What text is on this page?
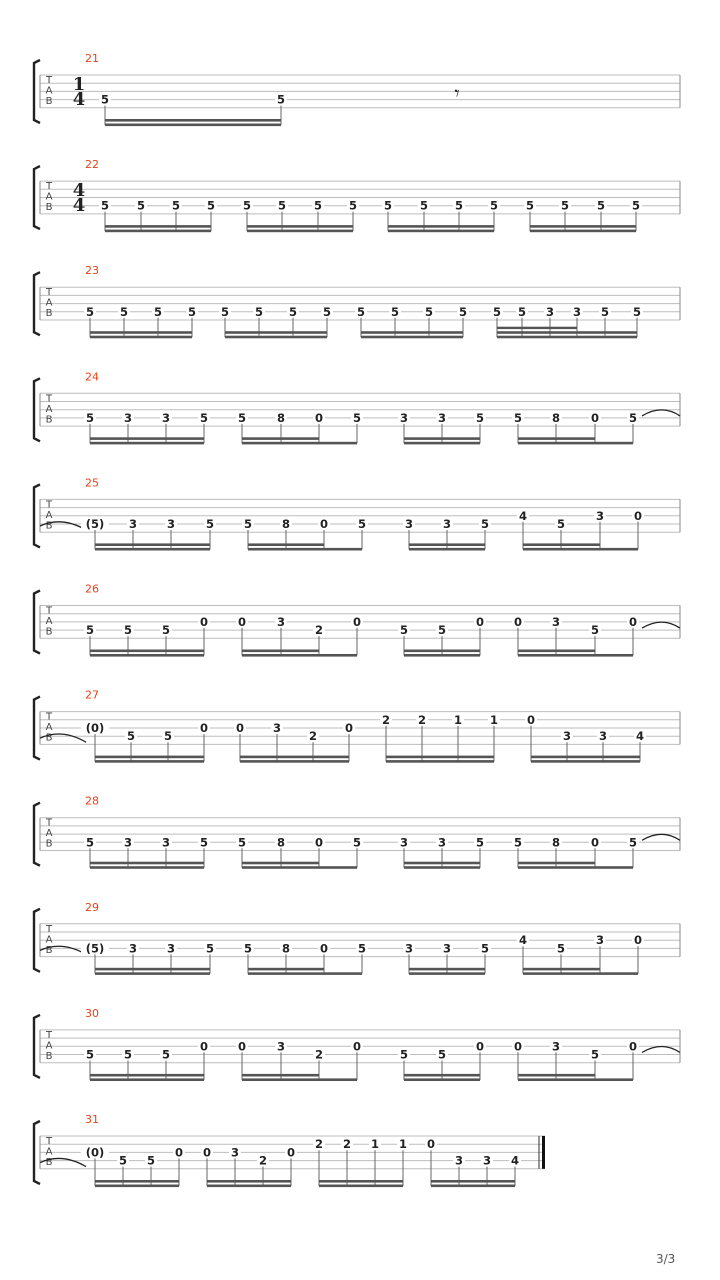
T
A
B
21
1
4	𝄾
5	5
T
A
B
22
4
4 5 5 5 5 5 5 5 5 5 5 5 5 5 5 5 5
T
A
B
23
5 5 5 5 5 5 5 5 5 5 5 5 5 5 3 3 5 5
T
A
B
24
5	3	3	5	5	8	0	5	3	3	5	5	8	0	5
T
A
B
25
(5) 3	3	5	5	8	0	5	3	3	5
4
5
3	0
T
A
B
26
5	5	5
0	0	3
2
0
5	5
0	0	3
5
0
T
A
B
27
(0)
5	5
0 0	3
2
0
2 2 1 1	0
3 3	4
T
A
B
28
5	3	3	5	5	8	0	5	3	3	5	5	8	0	5
T
A
B
29
(5) 3	3	5	5	8	0	5	3	3	5
4
5
3	0
T
A
B
30
5	5	5
0	0	3
2
0
5	5
0	0	3
5
0
T
A
B
31
(0)
5 5
0 0 3
2
0
2 2 1 1 0
3 3 4
3/3
